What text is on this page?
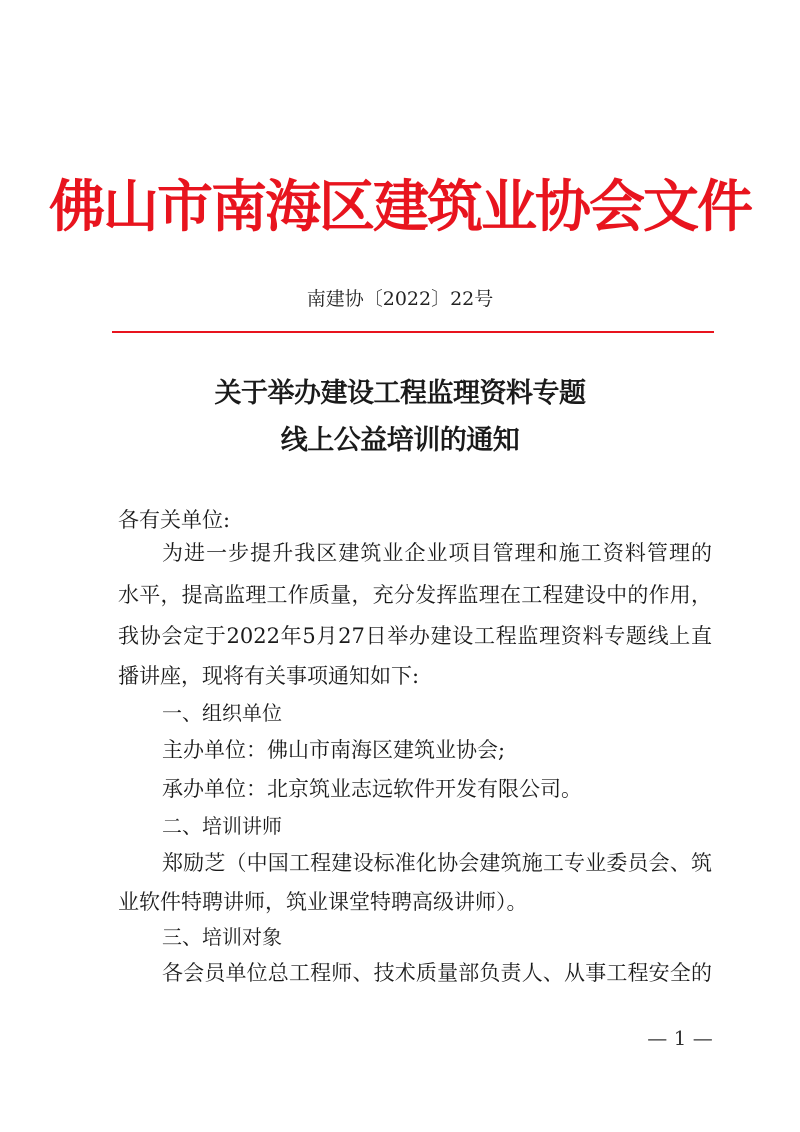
佛山市南海区建筑业协会文件
南建协〔2022〕22号
关于举办建设工程监理资料专题
线上公益培训的通知
各有关单位:
为进一步提升我区建筑业企业项目管理和施工资料管理的
水平，提高监理工作质量，充分发挥监理在工程建设中的作用，
我协会定于2022年5月27日举办建设工程监理资料专题线上直
播讲座，现将有关事项通知如下:
一、组织单位
主办单位：佛山市南海区建筑业协会;
承办单位：北京筑业志远软件开发有限公司。
二、培训讲师
郑励芝（中国工程建设标准化协会建筑施工专业委员会、筑
业软件特聘讲师，筑业课堂特聘高级讲师）。
三、培训对象
各会员单位总工程师、技术质量部负责人、从事工程安全的
— 1 —
